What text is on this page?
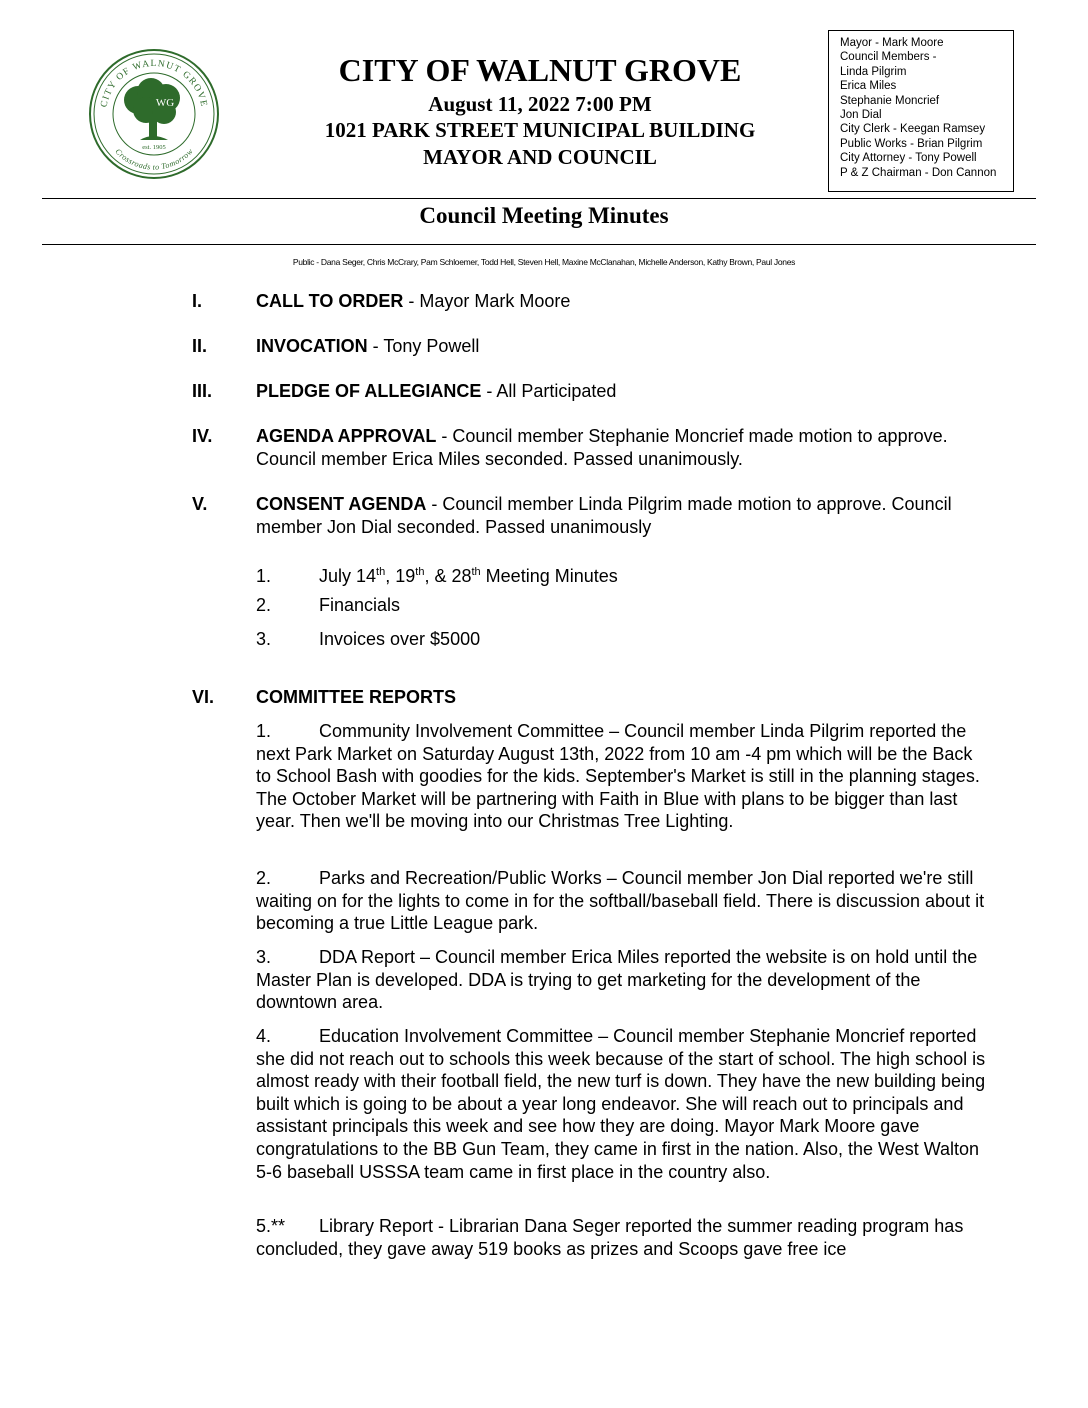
CITY OF WALNUT GROVE
Crossroads to Tomorrow
WG
est. 1905
CITY OF WALNUT GROVE
August 11, 2022 7:00 PM
1021 PARK STREET MUNICIPAL BUILDING
MAYOR AND COUNCIL
Mayor - Mark Moore
Council Members -
Linda Pilgrim
Erica Miles
Stephanie Moncrief
Jon Dial
City Clerk - Keegan Ramsey
Public Works - Brian Pilgrim
City Attorney - Tony Powell
P & Z Chairman - Don Cannon
Council Meeting Minutes
Public - Dana Seger, Chris McCrary, Pam Schloemer, Todd Hell, Steven Hell, Maxine McClanahan, Michelle Anderson, Kathy Brown, Paul Jones
I.	CALL TO ORDER - Mayor Mark Moore
II.	INVOCATION - Tony Powell
III. PLEDGE OF ALLEGIANCE - All Participated
IV. AGENDA APPROVAL - Council member Stephanie Moncrief made motion to approve. Council member Erica Miles seconded. Passed unanimously.
V.	CONSENT AGENDA - Council member Linda Pilgrim made motion to approve. Council member Jon Dial seconded. Passed unanimously
1.	July 14th, 19th, & 28th Meeting Minutes
2.	Financials
3.	Invoices over $5000
VI. COMMITTEE REPORTS
1.	Community Involvement Committee – Council member Linda Pilgrim reported the next Park Market on Saturday August 13th, 2022 from 10 am -4 pm which will be the Back to School Bash with goodies for the kids. September's Market is still in the planning stages. The October Market will be partnering with Faith in Blue with plans to be bigger than last year. Then we'll be moving into our Christmas Tree Lighting.
2.	Parks and Recreation/Public Works – Council member Jon Dial reported we're still waiting on for the lights to come in for the softball/baseball field. There is discussion about it becoming a true Little League park.
3.	DDA Report – Council member Erica Miles reported the website is on hold until the Master Plan is developed. DDA is trying to get marketing for the development of the downtown area.
4.	Education Involvement Committee – Council member Stephanie Moncrief reported she did not reach out to schools this week because of the start of school. The high school is almost ready with their football field, the new turf is down. They have the new building being built which is going to be about a year long endeavor. She will reach out to principals and assistant principals this week and see how they are doing. Mayor Mark Moore gave congratulations to the BB Gun Team, they came in first in the nation. Also, the West Walton 5-6 baseball USSSA team came in first place in the country also.
5.** Library Report - Librarian Dana Seger reported the summer reading program has concluded, they gave away 519 books as prizes and Scoops gave free ice
